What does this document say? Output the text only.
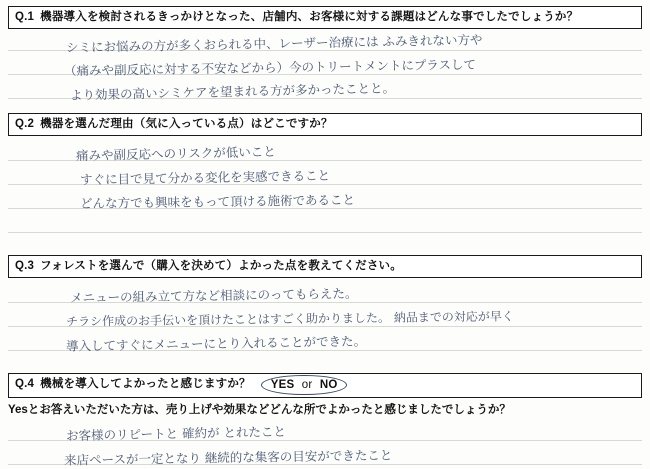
Q.1 機器導入を検討されるきっかけとなった、店舗内、お客様に対する課題はどんな事でしたでしょうか？
シミにお悩みの方が多くおられる中、レーザー治療には ふみきれない方や
（痛みや副反応に対する不安などから）今のトリートメントにプラスして
より効果の高いシミケアを望まれる方が多かったことと。
Q.2 機器を選んだ理由（気に入っている点）はどこですか？
痛みや副反応へのリスクが低いこと
すぐに目で見て分かる変化を実感できること
どんな方でも興味をもって頂ける施術であること
Q.3 フォレストを選んで（購入を決めて）よかった点を教えてください。
メニューの組み立て方など相談にのってもらえた。
チラシ作成のお手伝いを頂けたことはすごく助かりました。 納品までの対応が早く
導入してすぐにメニューにとり入れることができた。
Q.4 機械を導入してよかったと感じますか？	YES or NO
Yesとお答えいただいた方は、売り上げや効果などどんな所でよかったと感じましたでしょうか？
お客様のリピートと 確約が とれたこと
来店ペースが一定となり 継続的な集客の目安ができたこと
